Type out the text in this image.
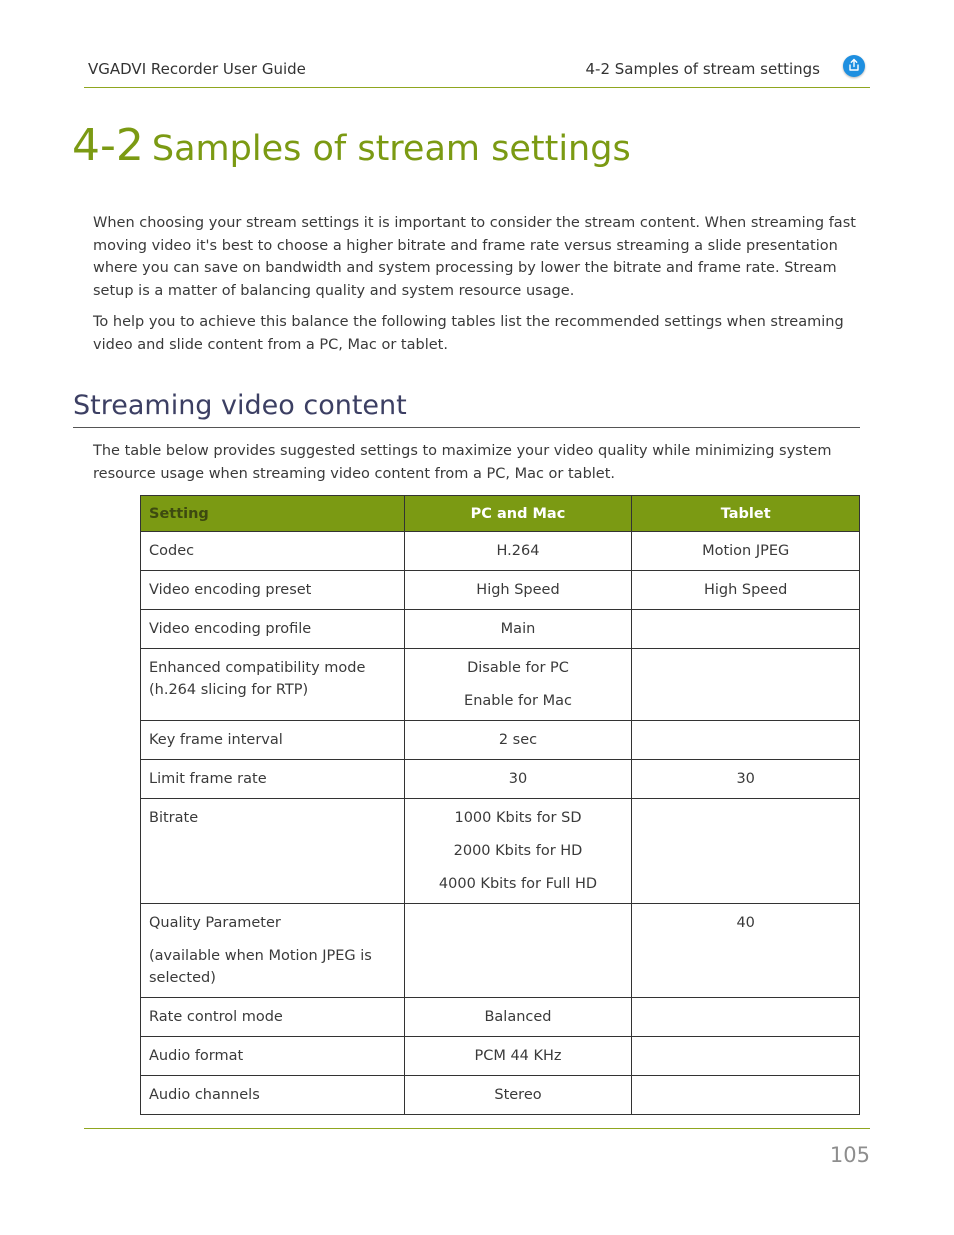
VGADVI Recorder User Guide	4-2 Samples of stream settings
4-2 Samples of stream settings

When choosing your stream settings it is important to consider the stream content. When streaming fast moving video it's best to choose a higher bitrate and frame rate versus streaming a slide presentation where you can save on bandwidth and system processing by lower the bitrate and frame rate. Stream setup is a matter of balancing quality and system resource usage.

To help you to achieve this balance the following tables list the recommended settings when streaming video and slide content from a PC, Mac or tablet.

Streaming video content

The table below provides suggested settings to maximize your video quality while minimizing system resource usage when streaming video content from a PC, Mac or tablet.

Setting	PC and Mac	Tablet
Codec	H.264	Motion JPEG
Video encoding preset	High Speed	High Speed
Video encoding profile	Main	
Enhanced compatibility mode (h.264 slicing for RTP)	Disable for PC
Enable for Mac	

Key frame interval	2 sec	
Limit frame rate	30	30
Bitrate	1000 Kbits for SD
2000 Kbits for HD
4000 Kbits for Full HD	

Quality Parameter
(available when Motion JPEG is selected)		40
Rate control mode	Balanced	
Audio format	PCM 44 KHz	
Audio channels	Stereo	
105
